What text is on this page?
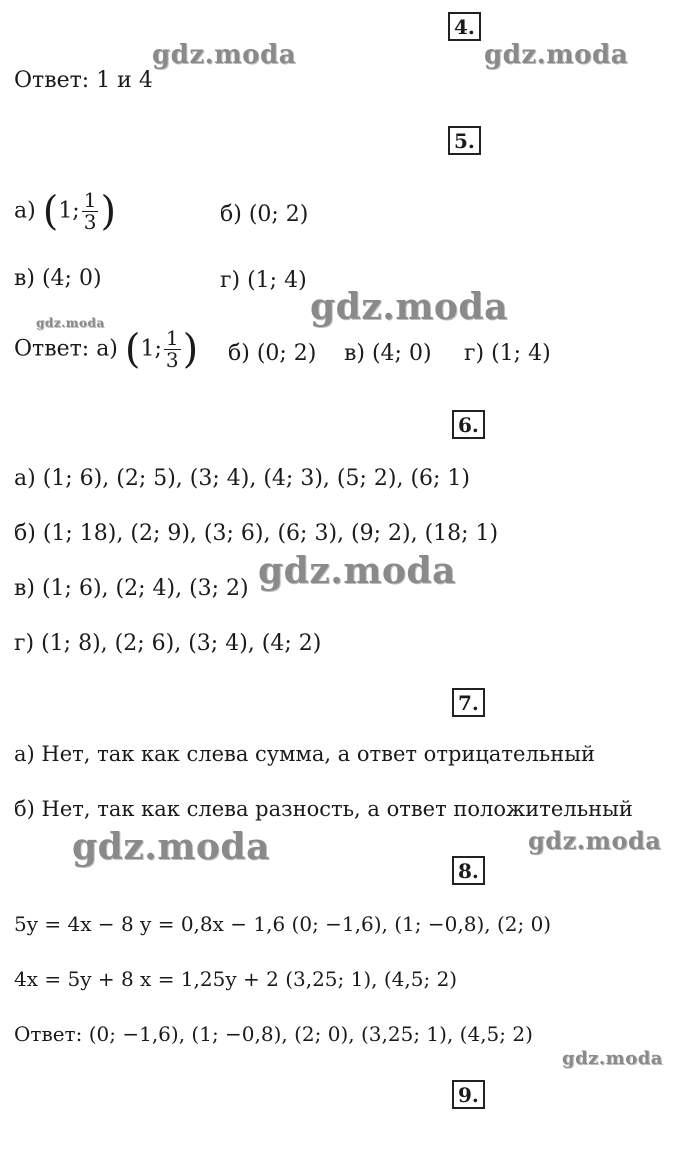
gdz.moda	gdz.moda
gdz.moda	gdz.moda
gdz.moda
gdz.moda	gdz.moda
gdz.moda
4.
Ответ: 1 и 4
5.
а) (1; $\frac{1}{3}$ )	б) (0; 2)
в) (4; 0)	г) (1; 4)
Ответ: а) (1; $\frac{1}{3}$ ) б) (0; 2) в) (4; 0) г) (1; 4)
6.
а) (1; 6), (2; 5), (3; 4), (4; 3), (5; 2), (6; 1)
б) (1; 18), (2; 9), (3; 6), (6; 3), (9; 2), (18; 1)
в) (1; 6), (2; 4), (3; 2)
г) (1; 8), (2; 6), (3; 4), (4; 2)
7.
а) Нет, так как слева сумма, а ответ отрицательный
б) Нет, так как слева разность, а ответ положительный
8.
5y = 4x − 8 y = 0,8x − 1,6 (0; −1,6), (1; −0,8), (2; 0)
4x = 5y + 8 x = 1,25y + 2 (3,25; 1), (4,5; 2)
Ответ: (0; −1,6), (1; −0,8), (2; 0), (3,25; 1), (4,5; 2)
9.
